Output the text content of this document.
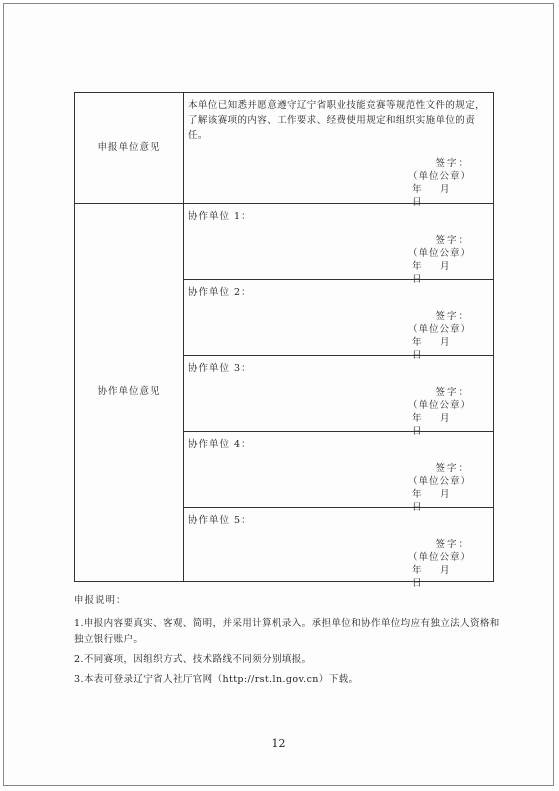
申报单位意见
本单位已知悉并愿意遵守辽宁省职业技能竞赛等规范性文件的规定，了解该赛项的内容、工作要求、经费使用规定和组织实施单位的责任。
签字：
（单位公章）
年 月日
协作单位意见
协作单位 1：
签字：
（单位公章）
年 月日
协作单位 2：
签字：
（单位公章）
年 月日
协作单位 3：
签字：
（单位公章）
年 月日
协作单位 4：
签字：
（单位公章）
年 月日
协作单位 5：
签字：
（单位公章）
年 月日
申报说明：
1.申报内容要真实、客观、简明，并采用计算机录入。承担单位和协作单位均应有独立法人资格和独立银行账户。
2.不同赛项，因组织方式、技术路线不同须分别填报。
3.本表可登录辽宁省人社厅官网（http://rst.ln.gov.cn）下载。
12
